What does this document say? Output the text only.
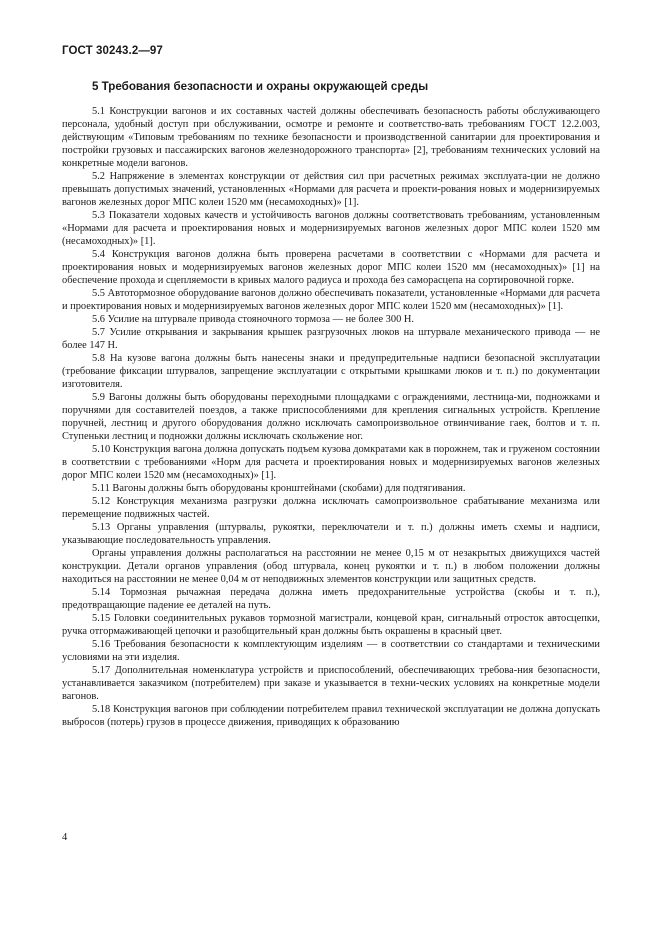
ГОСТ 30243.2—97
5 Требования безопасности и охраны окружающей среды

5.1 Конструкции вагонов и их составных частей должны обеспечивать безопасность работы обслуживающего персонала, удобный доступ при обслуживании, осмотре и ремонте и соответство-вать требованиям ГОСТ 12.2.003, действующим «Типовым требованиям по технике безопасности и производственной санитарии для проектирования и постройки грузовых и пассажирских вагонов железнодорожного транспорта» [2], требованиям технических условий на конкретные модели вагонов.

5.2 Напряжение в элементах конструкции от действия сил при расчетных режимах эксплуата-ции не должно превышать допустимых значений, установленных «Нормами для расчета и проекти-рования новых и модернизируемых вагонов железных дорог МПС колеи 1520 мм (несамоходных)» [1].

5.3 Показатели ходовых качеств и устойчивость вагонов должны соответствовать требованиям, установленным «Нормами для расчета и проектирования новых и модернизируемых вагонов железных дорог МПС колеи 1520 мм (несамоходных)» [1].

5.4 Конструкция вагонов должна быть проверена расчетами в соответствии с «Нормами для расчета и проектирования новых и модернизируемых вагонов железных дорог МПС колеи 1520 мм (несамоходных)» [1] на обеспечение прохода и сцепляемости в кривых малого радиуса и прохода без саморасцепа на сортировочной горке.

5.5 Автотормозное оборудование вагонов должно обеспечивать показатели, установленные «Нормами для расчета и проектирования новых и модернизируемых вагонов железных дорог МПС колеи 1520 мм (несамоходных)» [1].

5.6 Усилие на штурвале привода стояночного тормоза — не более 300 Н.

5.7 Усилие открывания и закрывания крышек разгрузочных люков на штурвале механического привода — не более 147 Н.

5.8 На кузове вагона должны быть нанесены знаки и предупредительные надписи безопасной эксплуатации (требование фиксации штурвалов, запрещение эксплуатации с открытыми крышками люков и т. п.) по документации изготовителя.

5.9 Вагоны должны быть оборудованы переходными площадками с ограждениями, лестница-ми, подножками и поручнями для составителей поездов, а также приспособлениями для крепления сигнальных устройств. Крепление поручней, лестниц и другого оборудования должно исключать самопроизвольное отвинчивание гаек, болтов и т. п. Ступеньки лестниц и подножки должны исключать скольжение ног.

5.10 Конструкция вагона должна допускать подъем кузова домкратами как в порожнем, так и груженом состоянии в соответствии с требованиями «Норм для расчета и проектирования новых и модернизируемых вагонов железных дорог МПС колеи 1520 мм (несамоходных)» [1].

5.11 Вагоны должны быть оборудованы кронштейнами (скобами) для подтягивания.

5.12 Конструкция механизма разгрузки должна исключать самопроизвольное срабатывание механизма или перемещение подвижных частей.

5.13 Органы управления (штурвалы, рукоятки, переключатели и т. п.) должны иметь схемы и надписи, указывающие последовательность управления.

Органы управления должны располагаться на расстоянии не менее 0,15 м от незакрытых движущихся частей конструкции. Детали органов управления (обод штурвала, конец рукоятки и т. п.) в любом положении должны находиться на расстоянии не менее 0,04 м от неподвижных элементов конструкции или защитных средств.

5.14 Тормозная рычажная передача должна иметь предохранительные устройства (скобы и т. п.), предотвращающие падение ее деталей на путь.

5.15 Головки соединительных рукавов тормозной магистрали, концевой кран, сигнальный отросток автосцепки, ручка отгормаживающей цепочки и разобщительный кран должны быть окрашены в красный цвет.

5.16 Требования безопасности к комплектующим изделиям — в соответствии со стандартами и техническими условиями на эти изделия.

5.17 Дополнительная номенклатура устройств и приспособлений, обеспечивающих требова-ния безопасности, устанавливается заказчиком (потребителем) при заказе и указывается в техни-ческих условиях на конкретные модели вагонов.

5.18 Конструкция вагонов при соблюдении потребителем правил технической эксплуатации не должна допускать выбросов (потерь) грузов в процессе движения, приводящих к образованию

4
